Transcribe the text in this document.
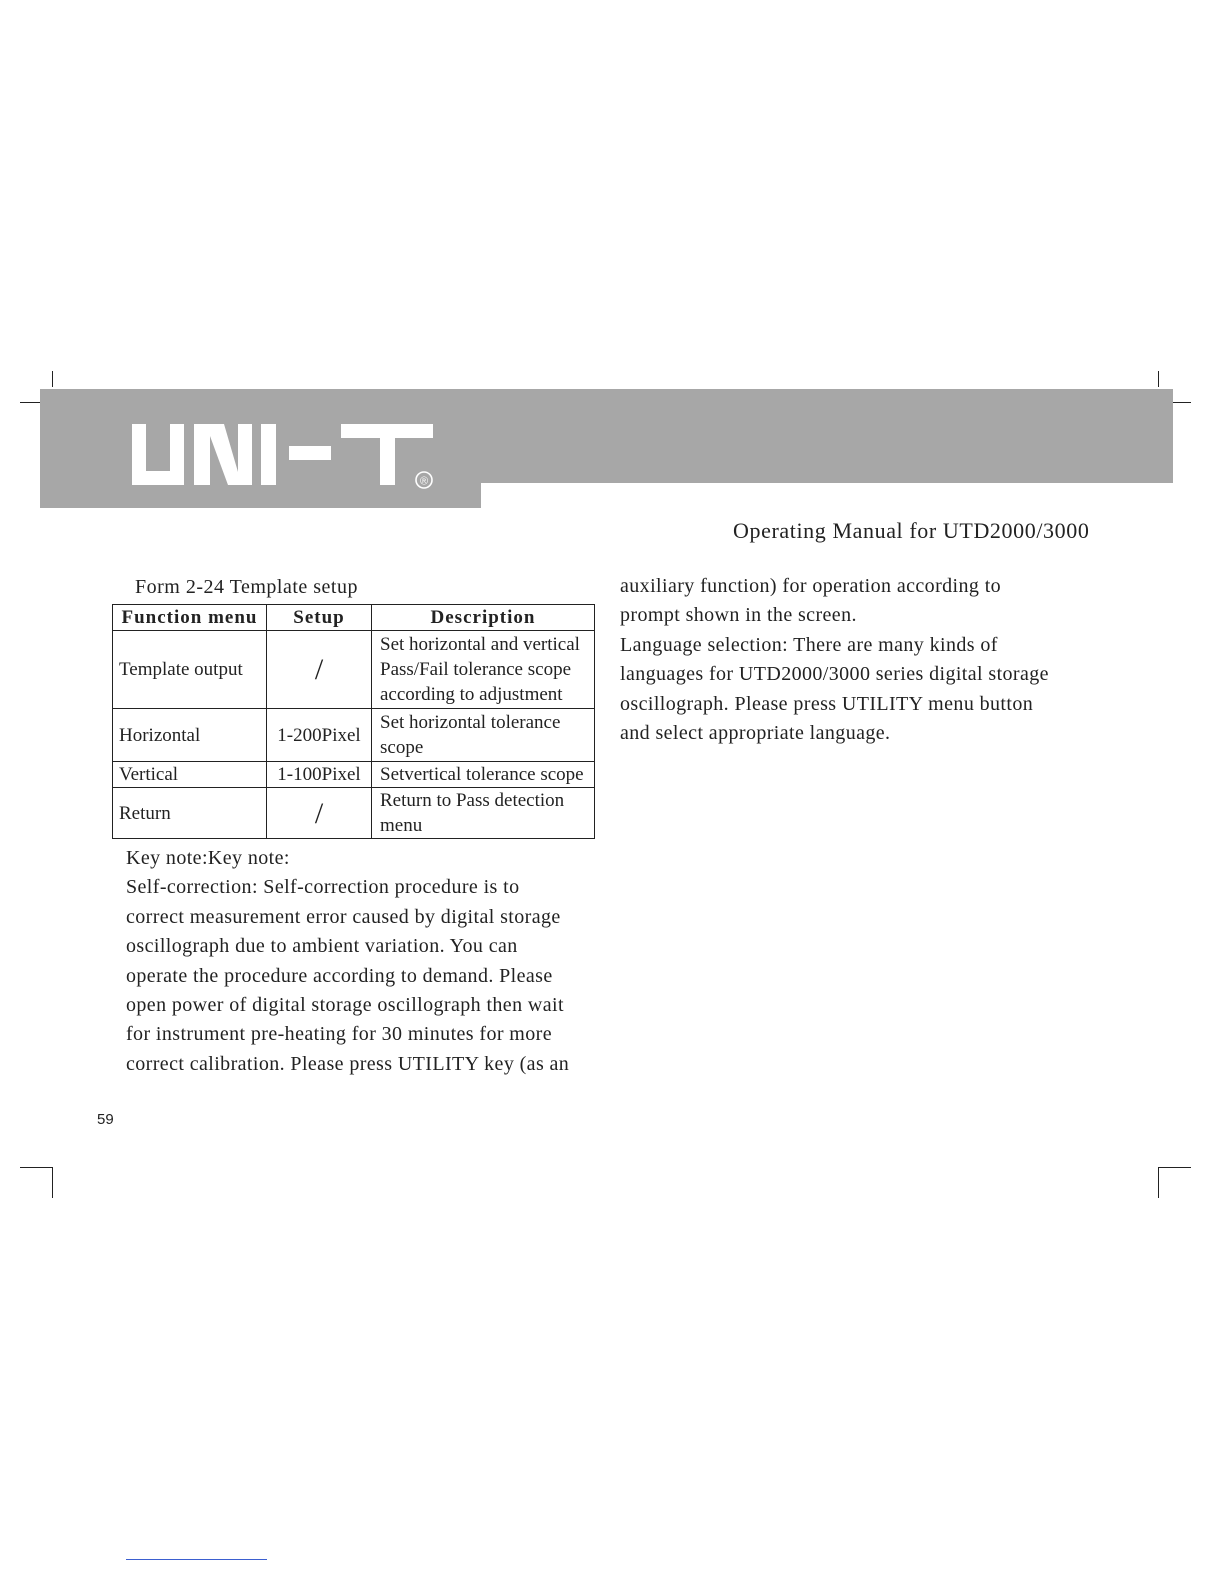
®
UNI-T
Operating Manual for UTD2000/3000
Form 2-24 Template setup
Function menu	Setup	Description
Template output	/	Set horizontal and vertical
Pass/Fail tolerance scope
according to adjustment

Horizontal	1-200Pixel	Set horizontal tolerance
scope

Vertical	1-100Pixel	Setvertical tolerance scope

Return	/	Return to Pass detection
menu
Key note:Key note:
Self-correction: Self-correction procedure is to
correct measurement error caused by digital storage
oscillograph due to ambient variation. You can
operate the procedure according to demand. Please
open power of digital storage oscillograph then wait
for instrument pre-heating for 30 minutes for more
correct calibration. Please press UTILITY key (as an
auxiliary function) for operation according to
prompt shown in the screen.
Language selection: There are many kinds of
languages for UTD2000/3000 series digital storage
oscillograph. Please press UTILITY menu button
and select appropriate language.
59
